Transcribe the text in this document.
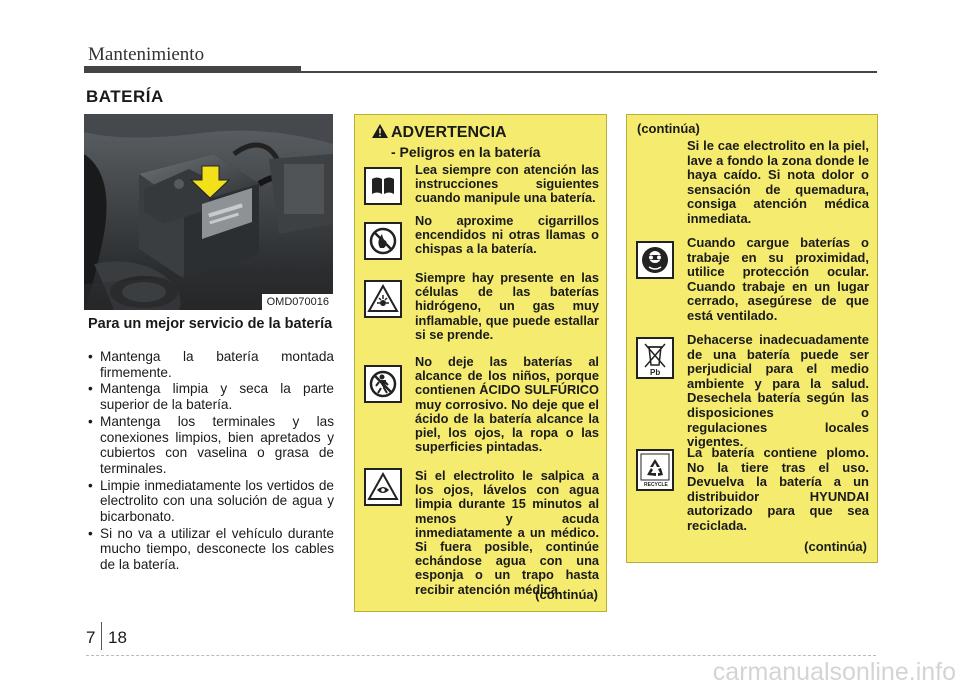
Mantenimiento
BATERÍA
OMD070016
Para un mejor servicio de la batería
• Mantenga la batería montada firmemente.
• Mantenga limpia y seca la parte superior de la batería.
• Mantenga los terminales y las conexiones limpios, bien apretados y cubiertos con vaselina o grasa de terminales.
• Limpie inmediatamente los vertidos de electrolito con una solución de agua y bicarbonato.
• Si no va a utilizar el vehículo durante mucho tiempo, desconecte los cables de la batería.
ADVERTENCIA
- Peligros en la batería
Lea siempre con atención las instrucciones siguientes cuando manipule una batería.
No aproxime cigarrillos encendidos ni otras llamas o chispas a la batería.
Siempre hay presente en las células de las baterías hidrógeno, un gas muy inflamable, que puede estallar si se prende.
No deje las baterías al alcance de los niños, porque contienen ÁCIDO SULFÚRICO muy corrosivo. No deje que el ácido de la batería alcance la piel, los ojos, la ropa o las superficies pintadas.
Si el electrolito le salpica a los ojos, lávelos con agua limpia durante 15 minutos al menos y acuda inmediatamente a un médico. Si fuera posible, continúe echándose agua con una esponja o un trapo hasta recibir atención médica.
(continúa)
(continúa)
Si le cae electrolito en la piel, lave a fondo la zona donde le haya caído. Si nota dolor o sensación de quemadura, consiga atención médica inmediata.
Cuando cargue baterías o trabaje en su proximidad, utilice protección ocular. Cuando trabaje en un lugar cerrado, asegúrese de que está ventilado.
Pb
Dehacerse inadecuadamente de una batería puede ser perjudicial para el medio ambiente y para la salud. Desechela batería según las disposiciones o regulaciones locales vigentes.
RECYCLE
La batería contiene plomo. No la tiere tras el uso. Devuelva la batería a un distribuidor HYUNDAI autorizado para que sea reciclada.
(continúa)
7 18
carmanualsonline.info
